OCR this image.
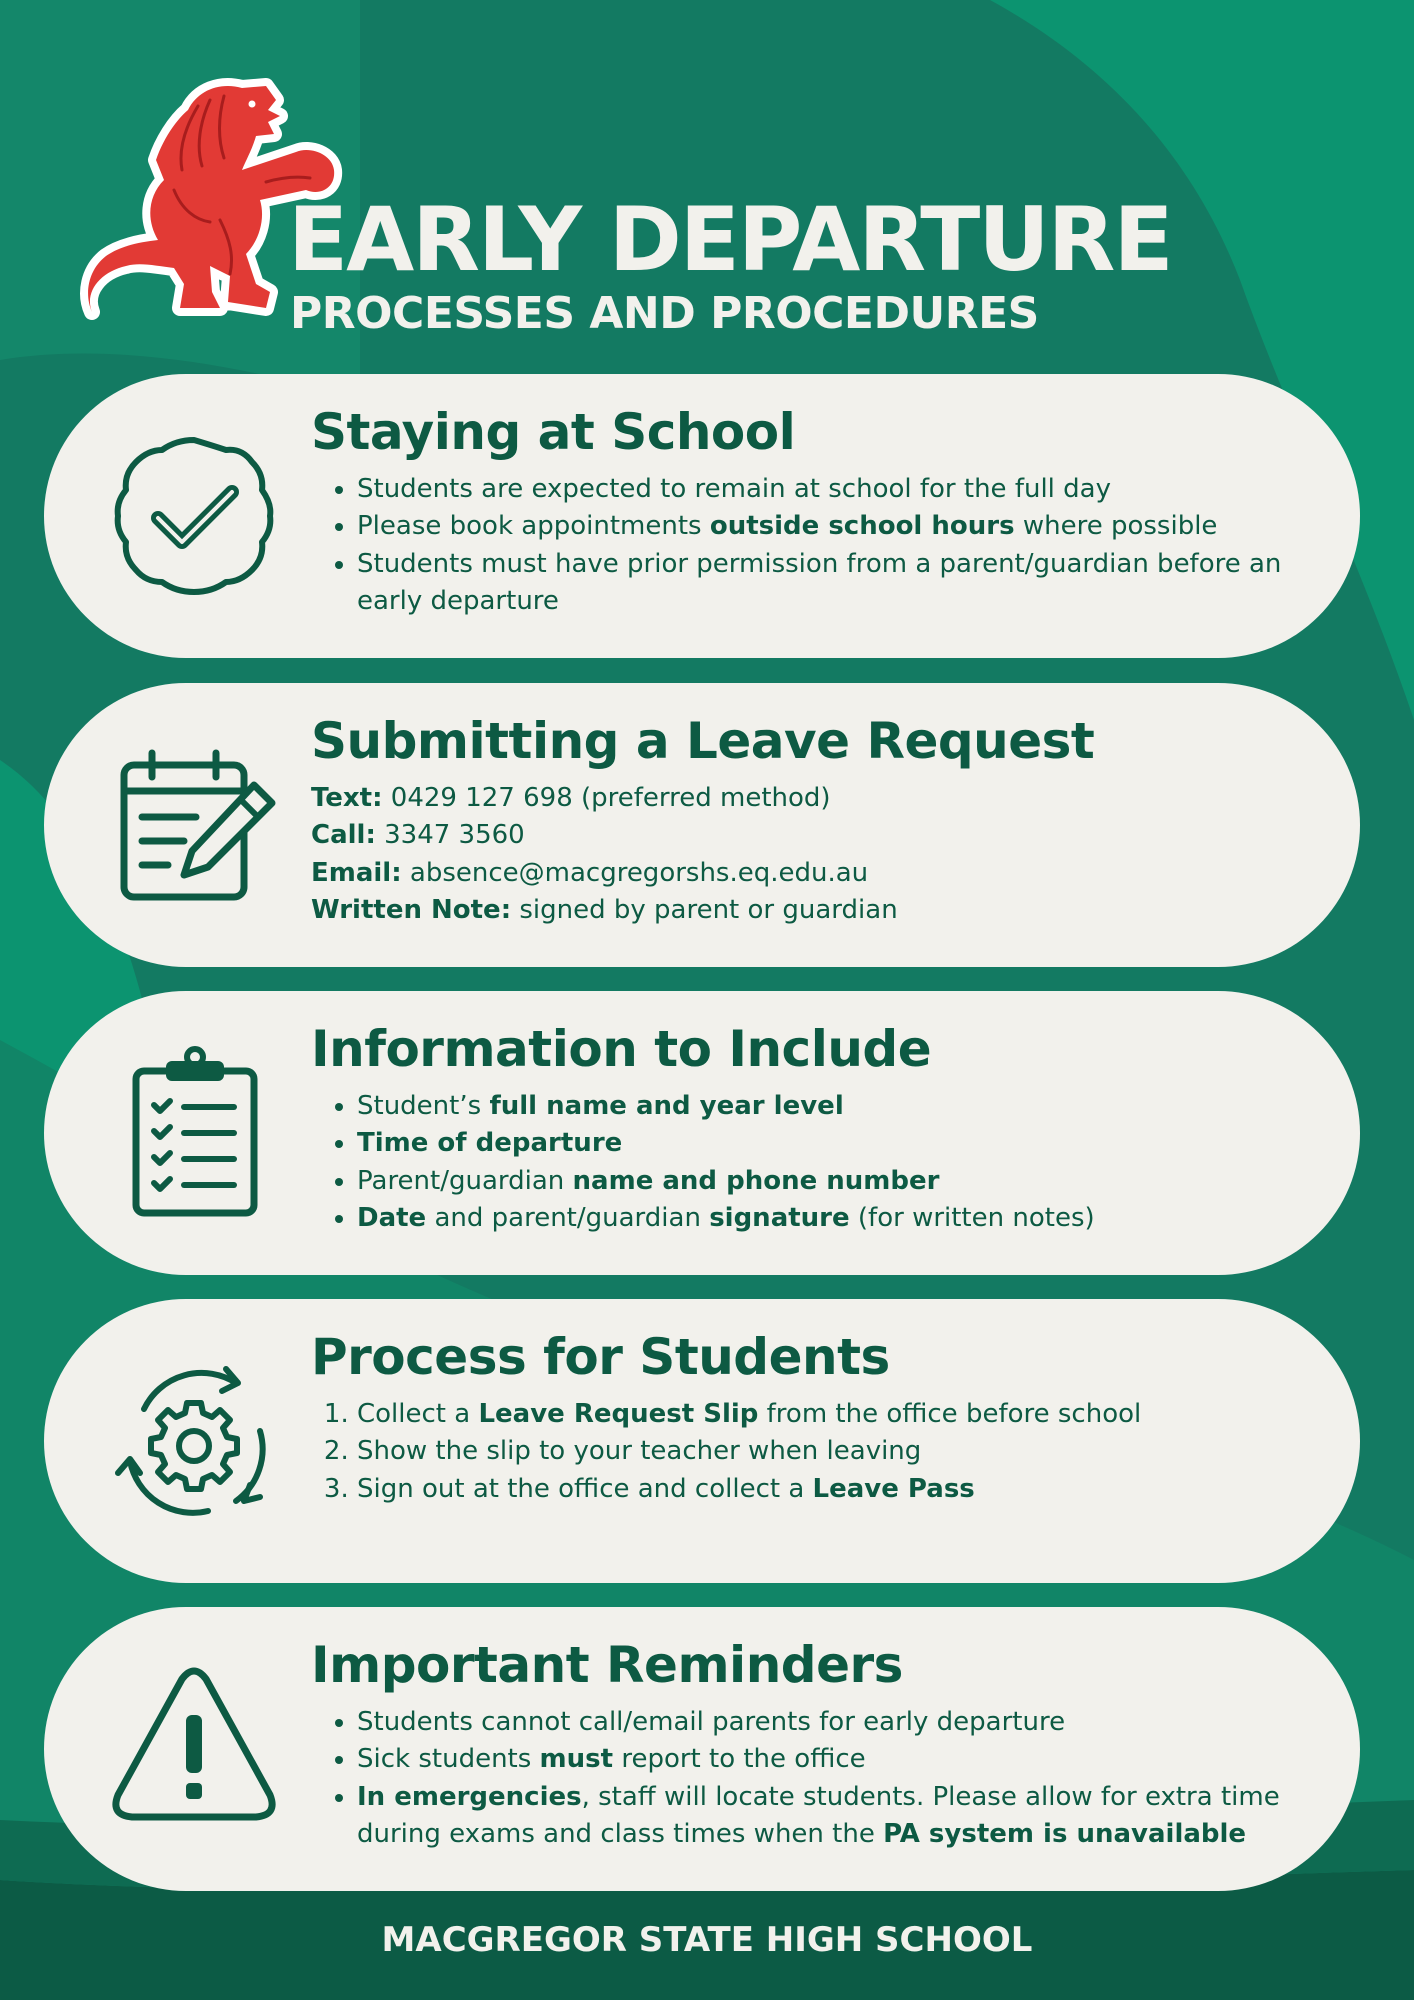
EARLY DEPARTURE
PROCESSES AND PROCEDURES
Staying at School
• Students are expected to remain at school for the full day
• Please book appointments outside school hours where possible
• Students must have prior permission from a parent/guardian before an early departure
Submitting a Leave Request
Text: 0429 127 698 (preferred method)
Call: 3347 3560
Email: absence@macgregorshs.eq.edu.au
Written Note: signed by parent or guardian
Information to Include
• Student’s full name and year level
• Time of departure
• Parent/guardian name and phone number
• Date and parent/guardian signature (for written notes)
Process for Students
1. Collect a Leave Request Slip from the office before school
2. Show the slip to your teacher when leaving
3. Sign out at the office and collect a Leave Pass
Important Reminders
• Students cannot call/email parents for early departure
• Sick students must report to the office
• In emergencies, staff will locate students. Please allow for extra time during exams and class times when the PA system is unavailable
MACGREGOR STATE HIGH SCHOOL
